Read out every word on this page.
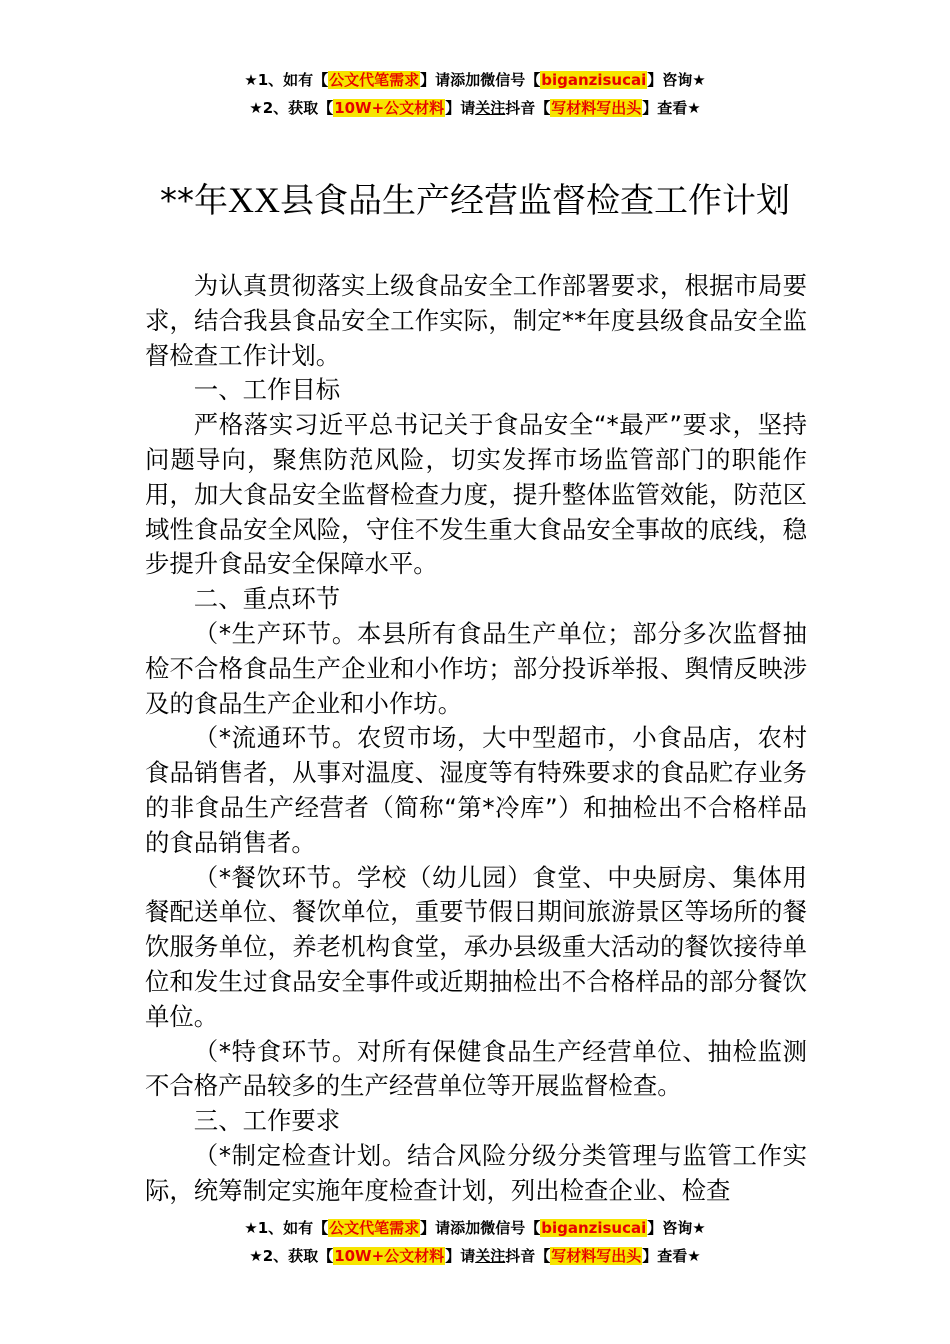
★1、如有【公文代笔需求】请添加微信号【biganzisucai】咨询★
★2、获取【10W+公文材料】请关注抖音【写材料写出头】查看★
**年XX县食品生产经营监督检查工作计划

为认真贯彻落实上级食品安全工作部署要求，根据市局要求，结合我县食品安全工作实际，制定**年度县级食品安全监督检查工作计划。

一、工作目标

严格落实习近平总书记关于食品安全“*最严”要求，坚持问题导向，聚焦防范风险，切实发挥市场监管部门的职能作用，加大食品安全监督检查力度，提升整体监管效能，防范区域性食品安全风险，守住不发生重大食品安全事故的底线，稳步提升食品安全保障水平。

二、重点环节

（*生产环节。本县所有食品生产单位；部分多次监督抽检不合格食品生产企业和小作坊；部分投诉举报、舆情反映涉及的食品生产企业和小作坊。

（*流通环节。农贸市场，大中型超市，小食品店，农村食品销售者，从事对温度、湿度等有特殊要求的食品贮存业务的非食品生产经营者（简称“第*冷库”）和抽检出不合格样品的食品销售者。

（*餐饮环节。学校（幼儿园）食堂、中央厨房、集体用餐配送单位、餐饮单位，重要节假日期间旅游景区等场所的餐饮服务单位，养老机构食堂，承办县级重大活动的餐饮接待单位和发生过食品安全事件或近期抽检出不合格样品的部分餐饮单位。

（*特食环节。对所有保健食品生产经营单位、抽检监测不合格产品较多的生产经营单位等开展监督检查。

三、工作要求

（*制定检查计划。结合风险分级分类管理与监管工作实际，统筹制定实施年度检查计划，列出检查企业、检查

★1、如有【公文代笔需求】请添加微信号【biganzisucai】咨询★
★2、获取【10W+公文材料】请关注抖音【写材料写出头】查看★
